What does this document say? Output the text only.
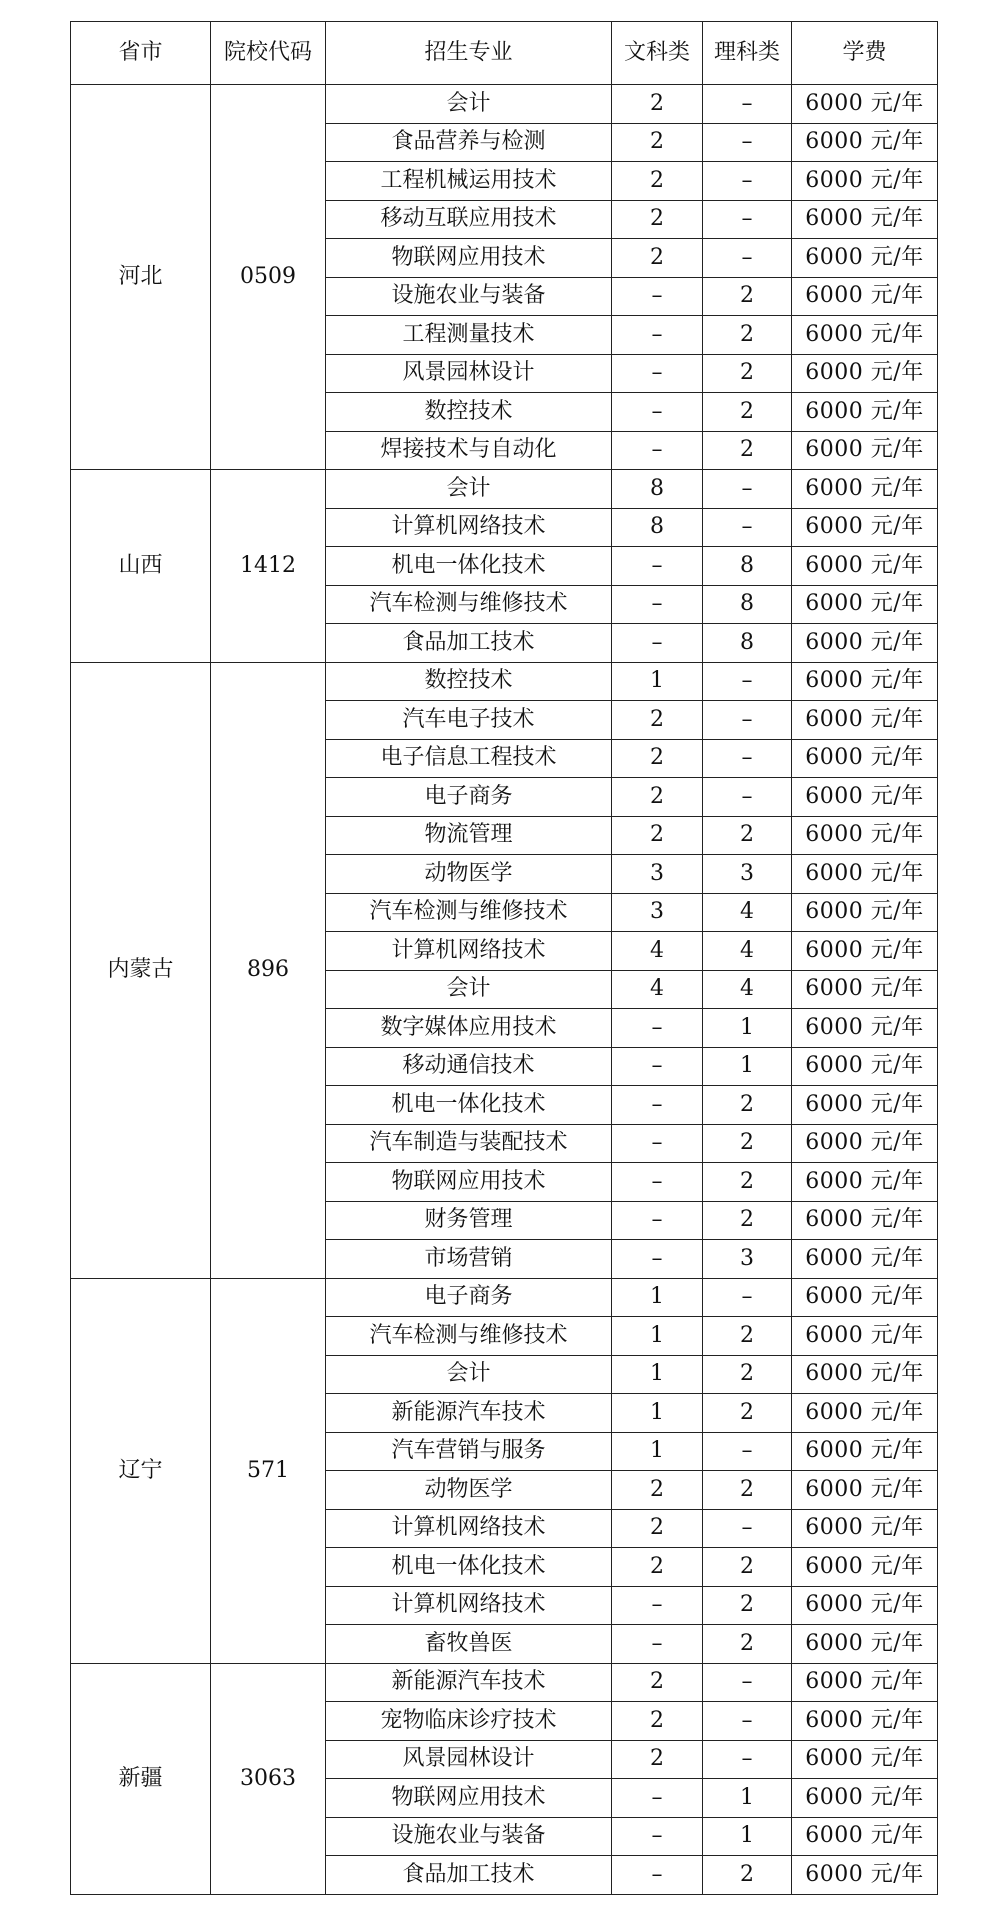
省市	院校代码	招生专业	文科类	理科类	学费
河北	0509	会计	2	–	6000 元/年
		食品营养与检测	2	–	6000 元/年
		工程机械运用技术	2	–	6000 元/年
		移动互联应用技术	2	–	6000 元/年
		物联网应用技术	2	–	6000 元/年
		设施农业与装备	–	2	6000 元/年
		工程测量技术	–	2	6000 元/年
		风景园林设计	–	2	6000 元/年
		数控技术	–	2	6000 元/年
		焊接技术与自动化	–	2	6000 元/年
山西	1412	会计	8	–	6000 元/年
		计算机网络技术	8	–	6000 元/年
		机电一体化技术	–	8	6000 元/年
		汽车检测与维修技术	–	8	6000 元/年
		食品加工技术	–	8	6000 元/年
内蒙古	896	数控技术	1	–	6000 元/年
		汽车电子技术	2	–	6000 元/年
		电子信息工程技术	2	–	6000 元/年
		电子商务	2	–	6000 元/年
		物流管理	2	2	6000 元/年
		动物医学	3	3	6000 元/年
		汽车检测与维修技术	3	4	6000 元/年
		计算机网络技术	4	4	6000 元/年
		会计	4	4	6000 元/年
		数字媒体应用技术	–	1	6000 元/年
		移动通信技术	–	1	6000 元/年
		机电一体化技术	–	2	6000 元/年
		汽车制造与装配技术	–	2	6000 元/年
		物联网应用技术	–	2	6000 元/年
		财务管理	–	2	6000 元/年
		市场营销	–	3	6000 元/年
辽宁	571	电子商务	1	–	6000 元/年
		汽车检测与维修技术	1	2	6000 元/年
		会计	1	2	6000 元/年
		新能源汽车技术	1	2	6000 元/年
		汽车营销与服务	1	–	6000 元/年
		动物医学	2	2	6000 元/年
		计算机网络技术	2	–	6000 元/年
		机电一体化技术	2	2	6000 元/年
		计算机网络技术	–	2	6000 元/年
		畜牧兽医	–	2	6000 元/年
新疆	3063	新能源汽车技术	2	–	6000 元/年
		宠物临床诊疗技术	2	–	6000 元/年
		风景园林设计	2	–	6000 元/年
		物联网应用技术	–	1	6000 元/年
		设施农业与装备	–	1	6000 元/年
		食品加工技术	–	2	6000 元/年
